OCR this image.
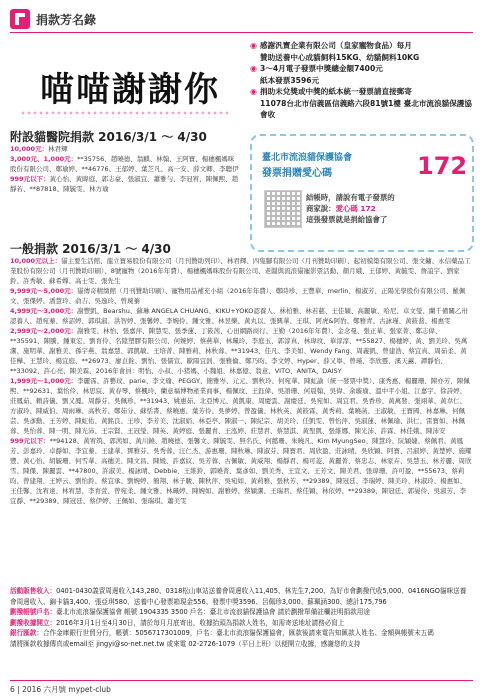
捐款芳名錄
喵喵謝謝你
◉ 感謝汎寶企業有限公司（皇家寵物食品）每月
贊助送養中心成貓飼料15KG、幼貓飼料10KG
◉ 3～4月電子發票中獎總金額7400元
紙本發票3596元
◉ 捐助未兌獎或中獎的紙本統一發票請直接郵寄
11078台北市信義區信義路六段81號1樓 臺北市流浪貓保護協會收
臺北市流浪貓保護協會
發票捐贈愛心碼	172
結帳時，請說有電子發票的
商家說：愛心碼 172
這張發票就是捐給協會了
附設貓醫院捐款 2016/3/1 ～ 4/30

10,000元：林君輝

3,000元、1,000元：**35756、趙曉德、翁麒、林翰、王阿寶、楊穗楓媽咪股份有限公司、鄭瑜婷、**46776、王郁婷、葉芝凡、高一安、薛文卿、李聰伊

999元以下：黃心怡、黃暐庭、郭志豪、張淑宜、蕭雅勻、李冠宥、陳佩熙、趙靜若、**87818、陳毓雯、林方瑜

一般捐款 2016/3/1 ～ 4/30

10,000元以上：貓主要生活館、龍立寶易股份有限公司（月刊贊助列印）、林君輝、四隻腳有限公司（月刊贊助印刷）、起初模築有限公司、張文鏞、永信藥品工業股份有限公司（月刊贊助印刷）、8號寵物（2016年年費）、楊穗楓媽咪股份有限公司、老闆與流浪貓寵影票活動、顏月娥、王郁婷、黃毓雯、詹誼宇、劉家鈴、許秀敏、蘇希嬋、高士雯、張先生

9,999元～5,000元：貓傳奇精緻館（月刊贊助印刷）、寵物用品補充小組（2016年年費）、鄭時珍、王豐華、merlin、楊淑芳、正陽光學股份有限公司、羅佩文、張傑婷、潘慧玲、俞吉、吳逸玲、曾琬蓁

4,999元～3,000元：謝豐凱、Bearshu、蘇琳 ANGELA CHUANG、KIKU+YOKO認養人、林柏雅、林若慈、王佳穎、高麗敏、哈尼、卓文瑩、蘭千備關乙卅認養人、趙宛蓁、蔡詔婷、郭琪淑、洪智婷、張馨婷、李婉伶、鍾文雅、林昱樂、黃丸以、張興華、王琪、阿虎&阿豹、鄭雅青、古詠瑾、黃筱蕎、楊惠雯

2,999元～2,000元：謝雅雯、林怡、張嘉萍、陳慧雯、張季蓮、丁筱茜、心田網路商行、王勤（2016年年費）、金念曼、張正華、張家菁、鄭志偉、**35591、陳騰、鍾東宏、劉育伶、名陞塑膠有限公司、何婉婷、蔡燕華、林珮玲、李庭玉、郭淳真、林瑋玫、華淳淳、**55827、楊穗婷、黃、劉美玲、吳萬潔、施明華、謝雅美、孫宇燕、翁嘉慧、郭凱敏、王培菁、陳雅莉、林秋蓉、**31943、佳凡、李美如、Wendy Fang、周義凱、曾建浩、蔡宜真、周茹柔、黃佳樺、王慧玲、楊宜庭、**26973、廖貞銓、劉怡、張儒宣、歐陽宜釗、張雅倫、鄭乃昀、李文婷、Hyper、薛又寧、曾瑾、李欣靈、溪天蕙、譚靜怡、**33092、許心亮、陳美霖、2016年會員：明怡、小叔、小猪媽、小魏姐、林嘉億、翁意、VITO、ANITA、DAISY

1,999元～1,000元：李麗霈、許藝玟、parie、李文瑜、PEGGY、簡雅岑、元元、劉秋玲、何宛華、陳虹諭（統一發票中獎）、康秀惠、楊麗珊、陳亦芳、陳佩熙、**92631、葉怡伶、林思宸、黃春琴、蔡楓玲、蘭意福博物產業商事、楊佩玟、王鈺偉、吳語珊、何晨翰、吳偉、余璇瑜、溫中平小姐、江嘉宇、徐詩婷、莊鳳茹、賴詩儀、劉又鳳、周靜芬、吳佩珍、**31943、姚惠茹、北亞博元、黃凱康、周慶雲、謝慶廷、吳宛如、周宜君、吳香珍、黃萬發、張翊華、黃韋仁、方淑玲、陳威伯、周雨琳、高秋芳、鄭茹分、蘇恬書、蔡曉惠、葉芳伶、吳夢婷、曾盈儀、林秋英、黃筱霖、黃秀莉、葉曉菡、王淑敏、王寶國、林嘉琳、何佩芸、吳彥勳、王芳婷、陳虹佑、黃銘良、王珍、李芳美、沈淑娟、林亞亭、陳淑一、陳紀宗、胡美玲、任凱雯、曾怡萍、吳淑蓮、林佩瑜、洪仁、雷寶如、林佩蓉、吳怡蓉、陳一明、陳光沛、王宗賢、王冠瑩、陳英、黃婷庭、張麗青、王泓婷、莊慧君、蔡慧淇、黃聖凱、張維娜、陳光沛、許霖、林佳娥、陳沛安

999元以下：**94128、黃宥筑、郭茜如、黃川鐃、趙曉德、張馨文、陳毓雯、無名氏、何懿珊、朱曉凡、Kim MyungSeo、陳慧玲、阮穎婕、蔡佩君、黃鳳芳、彭嘉玲、卓靜如、李宜蓁、王建華、鄧雅芬、吳秀蓉、汪仁杰、游惠珊、陳秋琳、陳淑芬、陳寶君、周欣盈、莊詠晴、吳欣穎、阿寶、呂淑婷、黃楚婷、施耀豐、黃心怡、胡毓珊、何雪華、高穗美、陳文昌、陳媛、許嘉紋、吳芳蓉、古佩敏、黃威翔、楊靜君、楊可菱、黃麗菁、蔡忠志、林家卉、吳慧玉、林芳麗、周欣雪、陳傑、陳麗雲、**47800、許淑美、楊詠晴、Debbie、王維鈴、郭曉菁、葉彥如、劉美秀、王宣文、王芳文、陳美君、張瑋珊、許可盈、**55673、蔡莉昀、曾建翔、王婷云、劉怡鈴、蔡宜承、劉婉婷、簡翔、林子駿、陳秋萍、吳宛如、黃莉雅、張秋芳、**29389、陳冠廷、李瑞婷、陳美玲、林淑玲、楊惠如、王佳馨、沈宥達、林宥慧、李育萱、曾宛柔、鍾文雅、林珮婷、陳婉如、謝雅婷、蔡穎潔、王瑞君、蔡佳穎、林依婷、**29389、陳冠廷、郭晏伶、吳淑芳、李宜靜、**29389、陳冠廷、蔡伊婷、王佩如、張瑞琪、蕭美雯

活動販售收入：0401-0430義賣周邊收入143,280、0318松山車站送養會周邊收入11,405、林先生7,200、為好市會劃撥代收5,000、0416NGO貓咪送養會周邊收入、錦卡貓3,400、張亞琪580、送養中心發票箱現金556、發票中獎3596、呂佩珍3,000、蘇珮涵300、總計175,796

劃撥帳號戶名：臺北市流浪貓保護協會 帳號 1904335 3500 戶名：臺北市流浪貓保護協會 請於劃撥單備註欄註明捐款用途

劃撥收據開立：2016年3月1日至4月30日，請於每月月底寄出，收據抬頭為捐款人姓名，如需寄送地址請務必寫上

銀行匯款：合作金庫銀行世貿分行，帳號：5056717301009，戶名：臺北市流浪貓保護協會，匯款後請來電告知匯款人姓名、金額與帳號末五碼

請將匯款收據傳真或email至 jingyi@so-net.net.tw 或來電 02-2726-1079（平日上班）以便開立收據，感謝您的支持

6 | 2016 六月號 mypet-club
